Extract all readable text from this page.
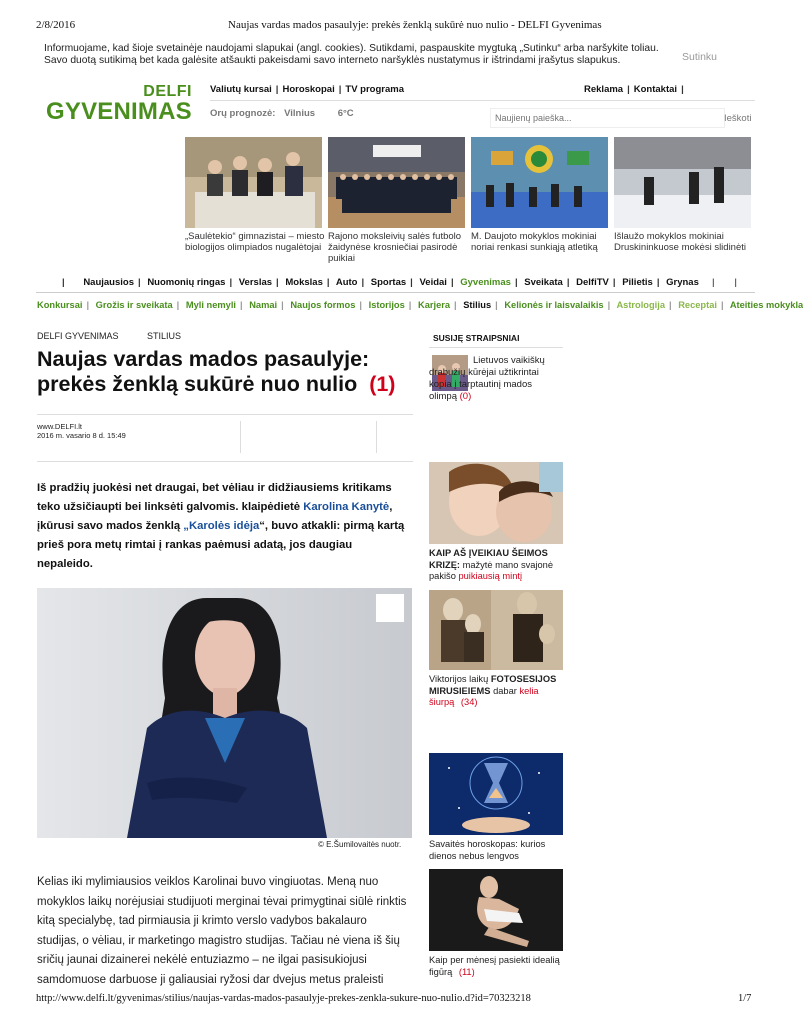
2/8/2016	Naujas vardas mados pasaulyje: prekės ženklą sukūrė nuo nulio - DELFI Gyvenimas
Informuojame, kad šioje svetainėje naudojami slapukai (angl. cookies). Sutikdami, paspauskite mygtuką „Sutinku“ arba naršykite toliau.
Savo duotą sutikimą bet kada galėsite atšaukti pakeisdami savo interneto naršyklės nustatymus ir ištrindami įrašytus slapukus.	Sutinku
DELFI
GYVENIMAS
Valiutų kursai | Horoskopai | TV programa	Reklama | Kontaktai |
Orų prognozė: Vilnius 6°C
Naujienų paieška...	Ieškoti
„Saulėtekio“ gimnazistai – miesto biologijos olimpiados nugalėtojai
Rajono moksleivių salės futbolo žaidynėse krosniečiai pasirodė puikiai
M. Daujoto mokyklos mokiniai noriai renkasi sunkiąją atletiką
Išlaužo mokyklos mokiniai Druskininkuose mokėsi slidinėti
| Naujausios | Nuomonių ringas | Verslas | Mokslas | Auto | Sportas | Veidai | Gyvenimas | Sveikata | DelfiTV | Pilietis | Grynas | |
Konkursai | Grožis ir sveikata | Myli nemyli | Namai | Naujos formos | Istorijos | Karjera | Stilius | Kelionės ir laisvalaikis | Astrologija | Receptai | Ateities mokykla
DELFI GYVENIMAS	STILIUS
Naujas vardas mados pasaulyje:
prekės ženklą sukūrė nuo nulio (1)
www.DELFI.lt
2016 m. vasario 8 d. 15:49
Iš pradžių juokėsi net draugai, bet vėliau ir didžiausiems kritikams teko užsičiaupti bei linksėti galvomis. klaipėdietė Karolina Kanytė, įkūrusi savo mados ženklą „Karolės idėja“, buvo atkakli: pirmą kartą prieš pora metų rimtai į rankas paėmusi adatą, jos daugiau nepaleido.
© E.Šumilovaitės nuotr.
Kelias iki mylimiausios veiklos Karolinai buvo vingiuotas. Meną nuo
mokyklos laikų norėjusiai studijuoti merginai tėvai primygtinai siūlė rinktis
kitą specialybę, tad pirmiausia ji krimto verslo vadybos bakalauro
studijas, o vėliau, ir marketingo magistro studijas. Tačiau nė viena iš šių
sričių jaunai dizainerei nekėlė entuziazmo – ne ilgai pasisukiojusi
samdomuose darbuose ji galiausiai ryžosi dar dvejus metus praleisti
SUSIJĘ STRAIPSNIAI
Lietuvos vaikiškų drabužių kūrėjai užtikrintai kopia į tarptautinį mados olimpą (0)
KAIP AŠ ĮVEIKIAU ŠEIMOS KRIZĘ: mažytė mano svajonė pakišo puikiausią mintį
Viktorijos laikų FOTOSESIJOS MIRUSIEIEMS dabar kelia šiurpą (34)
Savaitės horoskopas: kurios dienos nebus lengvos
Kaip per mėnesį pasiekti idealią figūrą (11)
http://www.delfi.lt/gyvenimas/stilius/naujas-vardas-mados-pasaulyje-prekes-zenkla-sukure-nuo-nulio.d?id=70323218	1/7
